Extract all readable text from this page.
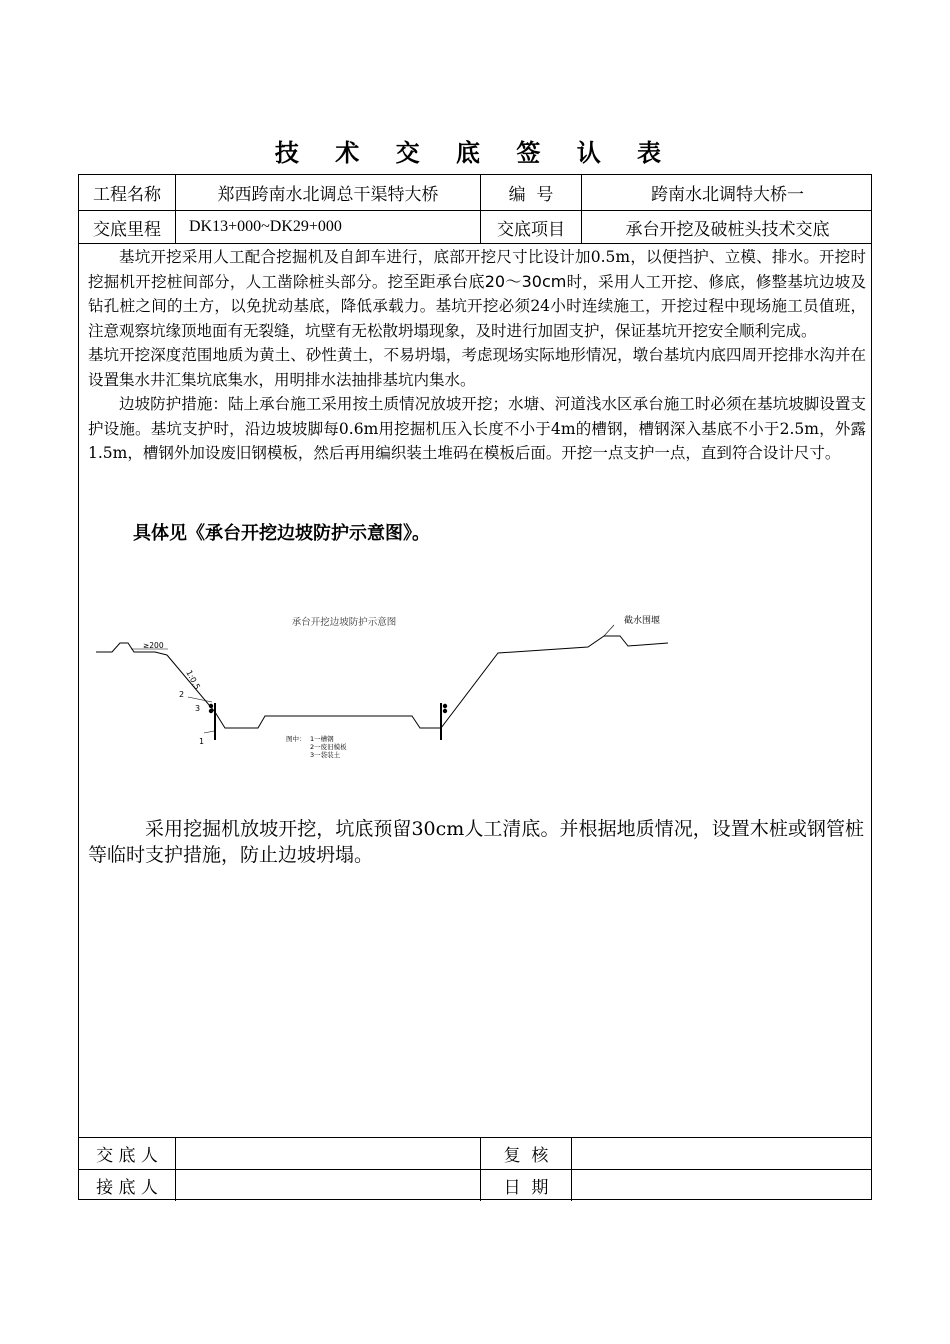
技 术 交 底 签 认 表
工程名称	郑西跨南水北调总干渠特大桥	编  号	跨南水北调特大桥一
交底里程	DK13+000~DK29+000	交底项目	承台开挖及破桩头技术交底
交 底 人	复  核
接 底 人	日  期

基坑开挖采用人工配合挖掘机及自卸车进行，底部开挖尺寸比设计加0.5m，以便挡护、立模、排水。开挖时挖掘机开挖桩间部分，人工凿除桩头部分。挖至距承台底20～30cm时，采用人工开挖、修底，修整基坑边坡及钻孔桩之间的土方，以免扰动基底，降低承载力。基坑开挖必须24小时连续施工，开挖过程中现场施工员值班，注意观察坑缘顶地面有无裂缝，坑壁有无松散坍塌现象，及时进行加固支护，保证基坑开挖安全顺利完成。

基坑开挖深度范围地质为黄土、砂性黄土，不易坍塌，考虑现场实际地形情况，墩台基坑内底四周开挖排水沟并在设置集水井汇集坑底集水，用明排水法抽排基坑内集水。

边坡防护措施：陆上承台施工采用按土质情况放坡开挖；水塘、河道浅水区承台施工时必须在基坑坡脚设置支护设施。基坑支护时，沿边坡坡脚每0.6m用挖掘机压入长度不小于4m的槽钢，槽钢深入基底不小于2.5m，外露1.5m，槽钢外加设废旧钢模板，然后再用编织装土堆码在模板后面。开挖一点支护一点，直到符合设计尺寸。

具体见《承台开挖边坡防护示意图》。
承台开挖边坡防护示意图
≥200
1:0.5
2
3
1
截水围堰
图中： 1一槽钢
2一废旧模板
3一袋装土

采用挖掘机放坡开挖，坑底预留30cm人工清底。并根据地质情况，设置木桩或钢管桩等临时支护措施，防止边坡坍塌。
